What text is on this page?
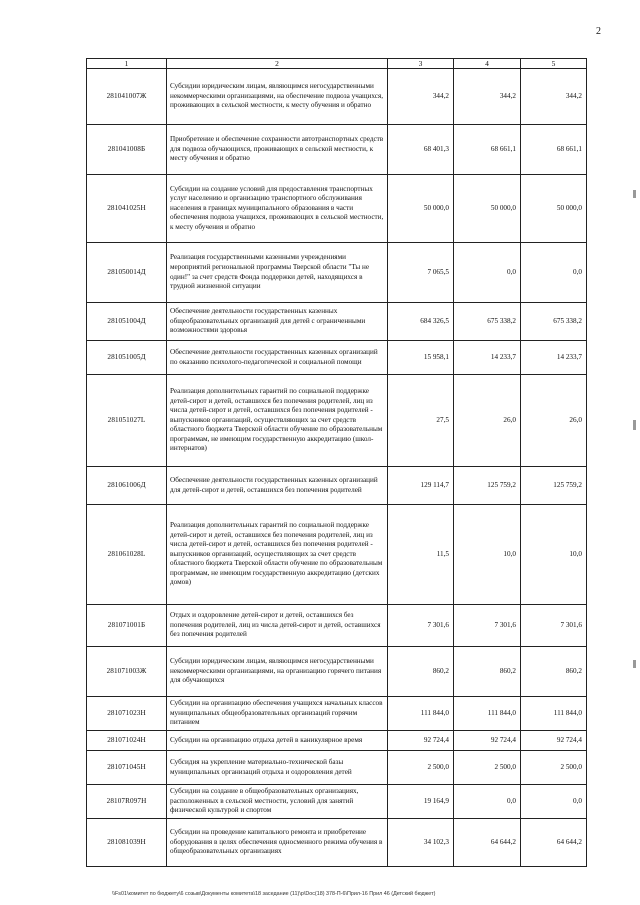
2
1	2	3	4	5
281041007Ж	Субсидии юридическим лицам, являющимся негосударственными некоммерческими организациями, на обеспечение подвоза учащихся, проживающих в сельской местности, к месту обучения и обратно	344,2	344,2	344,2
281041008Б	Приобретение и обеспечение сохранности автотранспортных средств для подвоза обучающихся, проживающих в сельской местности, к месту обучения и обратно	68 401,3	68 661,1	68 661,1
281041025Н	Субсидии на создание условий для предоставления транспортных услуг населению и организацию транспортного обслуживания населения в границах муниципального образования в части обеспечения подвоза учащихся, проживающих в сельской местности, к месту обучения и обратно	50 000,0	50 000,0	50 000,0
281050014Д	Реализация государственными казенными учреждениями мероприятий региональной программы Тверской области "Ты не один!" за счет средств Фонда поддержки детей, находящихся в трудной жизненной ситуации	7 065,5	0,0	0,0
281051004Д	Обеспечение деятельности государственных казенных общеобразовательных организаций для детей с ограниченными возможностями здоровья	684 326,5	675 338,2	675 338,2
281051005Д	Обеспечение деятельности государственных казенных организаций по оказанию психолого-педагогической и социальной помощи	15 958,1	14 233,7	14 233,7
281051027L	Реализация дополнительных гарантий по социальной поддержке детей-сирот и детей, оставшихся без попечения родителей, лиц из числа детей-сирот и детей, оставшихся без попечения родителей - выпускников организаций, осуществляющих за счет средств областного бюджета Тверской области обучение по образовательным программам, не имеющим государственную аккредитацию (школ-интернатов)	27,5	26,0	26,0
281061006Д	Обеспечение деятельности государственных казенных организаций для детей-сирот и детей, оставшихся без попечения родителей	129 114,7	125 759,2	125 759,2
281061028L	Реализация дополнительных гарантий по социальной поддержке детей-сирот и детей, оставшихся без попечения родителей, лиц из числа детей-сирот и детей, оставшихся без попечения родителей - выпускников организаций, осуществляющих за счет средств областного бюджета Тверской области обучение по образовательным программам, не имеющим государственную аккредитацию (детских домов)	11,5	10,0	10,0
281071001Б	Отдых и оздоровление детей-сирот и детей, оставшихся без попечения родителей, лиц из числа детей-сирот и детей, оставшихся без попечения родителей	7 301,6	7 301,6	7 301,6
281071003Ж	Субсидии юридическим лицам, являющимся негосударственными некоммерческими организациями, на организацию горячего питания для обучающихся	860,2	860,2	860,2
281071023Н	Субсидии на организацию обеспечения учащихся начальных классов муниципальных общеобразовательных организаций горячим питанием	111 844,0	111 844,0	111 844,0
281071024Н	Субсидии на организацию отдыха детей в каникулярное время	92 724,4	92 724,4	92 724,4
281071045Н	Субсидия на укрепление материально-технической базы муниципальных организаций отдыха и оздоровления детей	2 500,0	2 500,0	2 500,0
28107R097Н	Субсидии на создание в общеобразовательных организациях, расположенных в сельской местности, условий для занятий физической культурой и спортом	19 164,9	0,0	0,0
281081039Н	Субсидии на проведение капитального ремонта и приобретение оборудования в целях обеспечения односменного режима обучения в общеобразовательных организациях	34 102,3	64 644,2	64 644,2
\\Fs01\комитет по бюджету\6 созыв\Документы комитета\18 заседание (11)\p\Doc(18) 378-П-6\Прил-16 Прил 46 (Детский бюджет)
